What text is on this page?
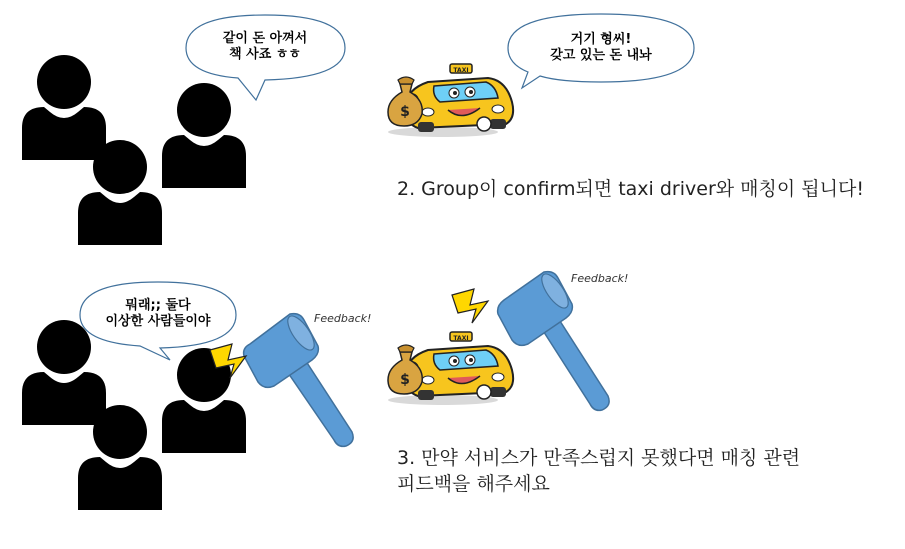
TAXI
$
같이 돈 아껴서
책 사죠 ㅎㅎ
거기 형씨!
갖고 있는 돈 내놔
2. Group이 confirm되면 taxi driver와 매칭이 됩니다!
뭐래;; 둘다
이상한 사람들이야	Feedback!
Feedback!
3. 만약 서비스가 만족스럽지 못했다면 매칭 관련
피드백을 해주세요
